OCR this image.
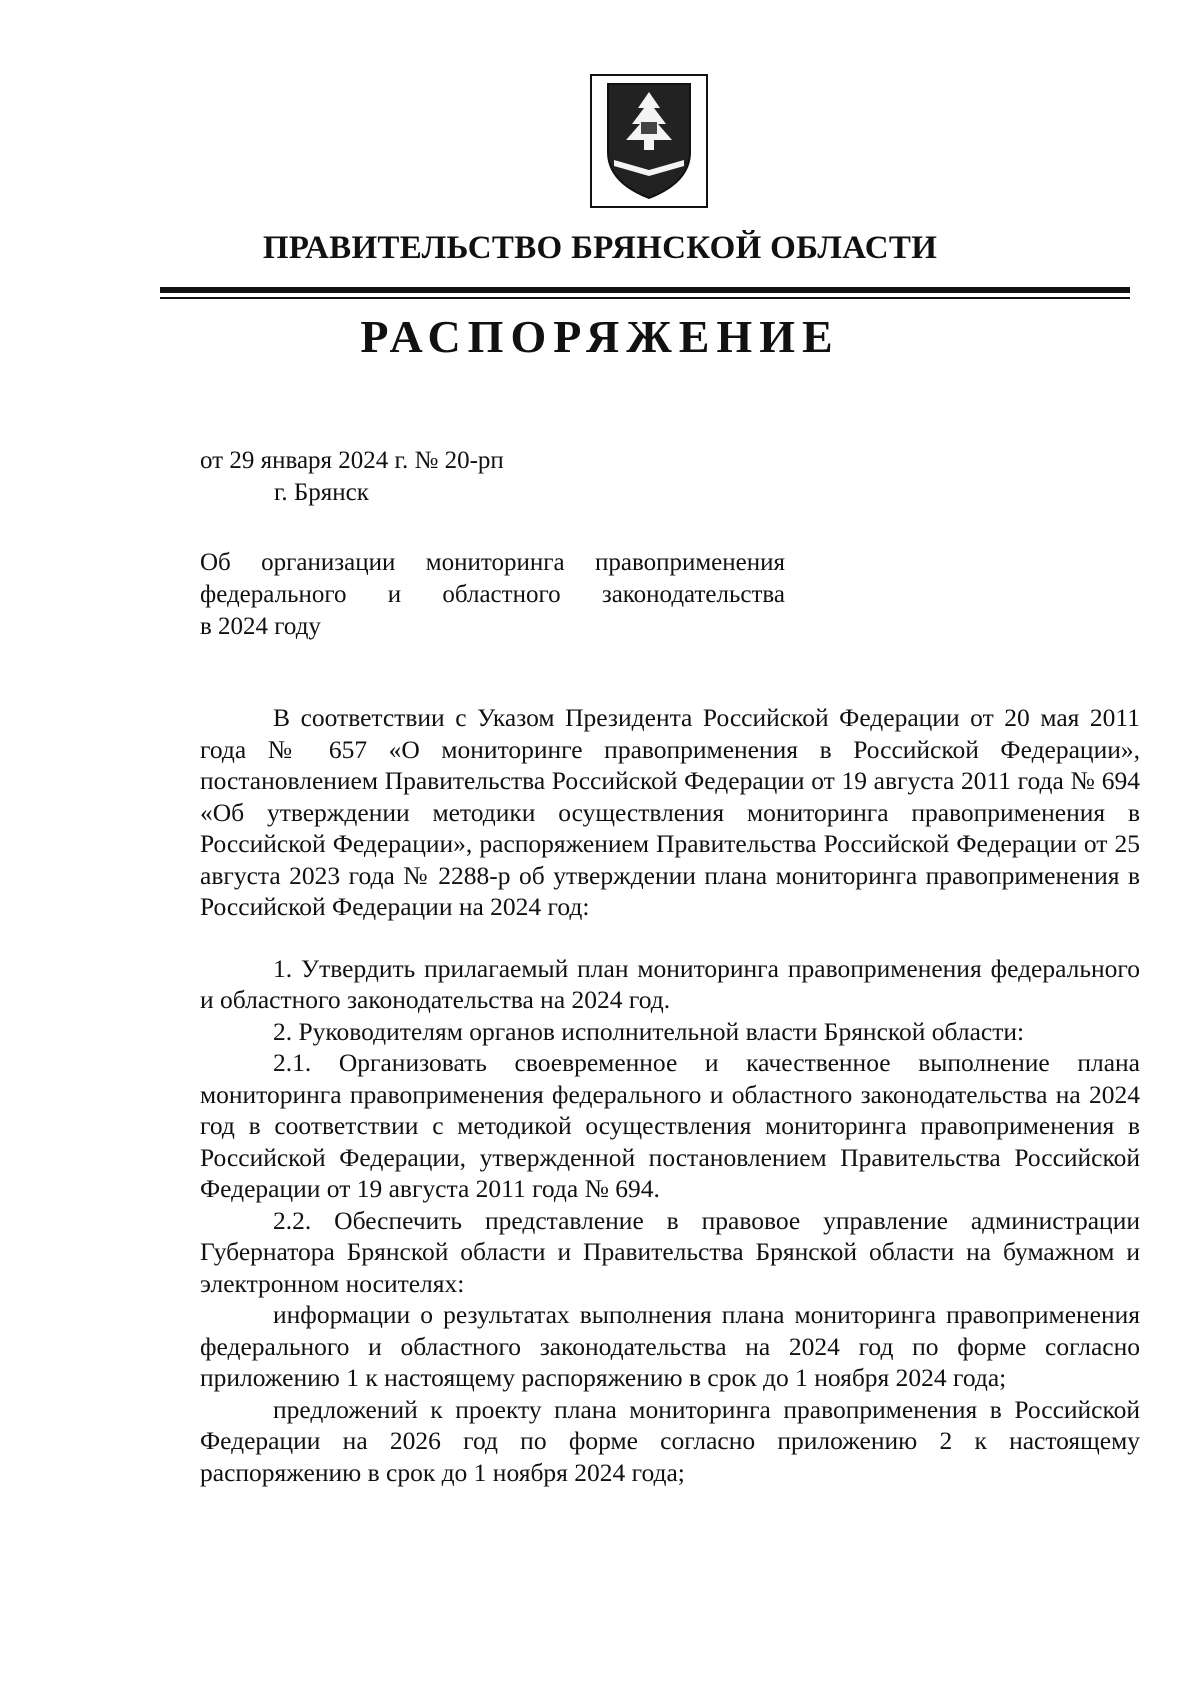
ПРАВИТЕЛЬСТВО БРЯНСКОЙ ОБЛАСТИ
РАСПОРЯЖЕНИЕ
от 29 января 2024 г. № 20-рп
г. Брянск
Об организации мониторинга правоприменения
федерального и областного законодательства
в 2024 году

В соответствии с Указом Президента Российской Федерации от 20 мая 2011 года № 657 «О мониторинге правоприменения в Российской Федерации», постановлением Правительства Российской Федерации от 19 августа 2011 года № 694 «Об утверждении методики осуществления мониторинга правоприменения в Российской Федерации», распоряжением Правительства Российской Федерации от 25 августа 2023 года № 2288-р об утверждении плана мониторинга правоприменения в Российской Федерации на 2024 год:

1. Утвердить прилагаемый план мониторинга правоприменения федерального и областного законодательства на 2024 год.

2. Руководителям органов исполнительной власти Брянской области:

2.1. Организовать своевременное и качественное выполнение плана мониторинга правоприменения федерального и областного законодательства на 2024 год в соответствии с методикой осуществления мониторинга правоприменения в Российской Федерации, утвержденной постановлением Правительства Российской Федерации от 19 августа 2011 года № 694.

2.2. Обеспечить представление в правовое управление администрации Губернатора Брянской области и Правительства Брянской области на бумажном и электронном носителях:

информации о результатах выполнения плана мониторинга правоприменения федерального и областного законодательства на 2024 год по форме согласно приложению 1 к настоящему распоряжению в срок до 1 ноября 2024 года;

предложений к проекту плана мониторинга правоприменения в Российской Федерации на 2026 год по форме согласно приложению 2 к настоящему распоряжению в срок до 1 ноября 2024 года;
